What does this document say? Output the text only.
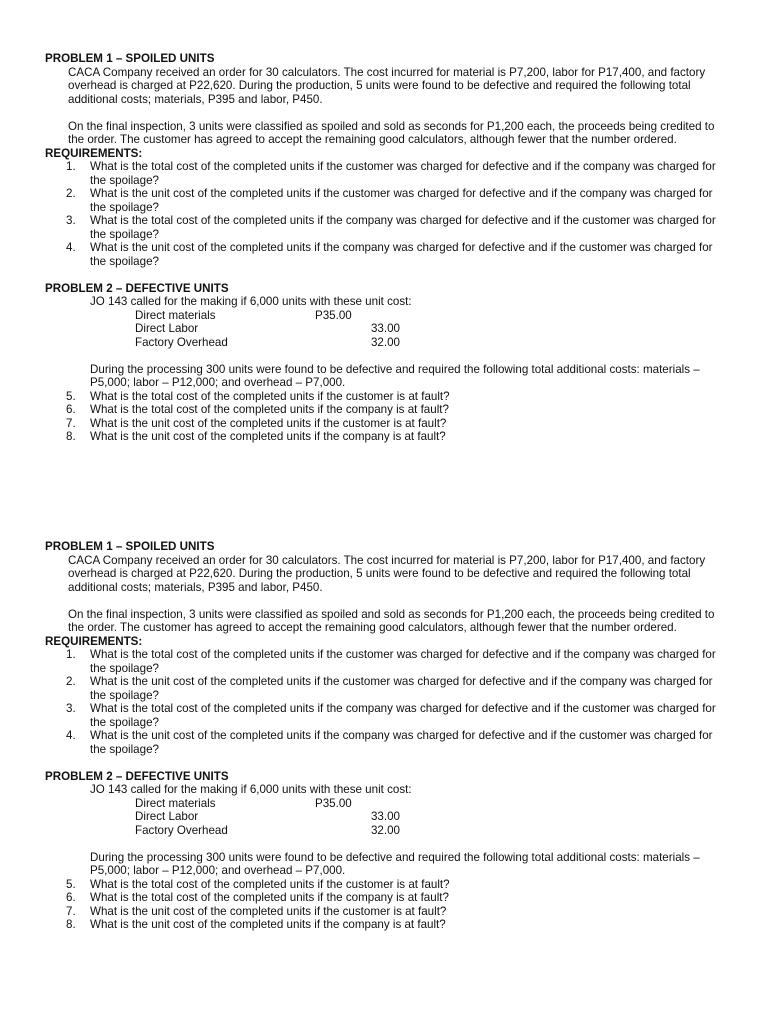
PROBLEM 1 – SPOILED UNITS
CACA Company received an order for 30 calculators. The cost incurred for material is P7,200, labor for P17,400, and factory overhead is charged at P22,620. During the production, 5 units were found to be defective and required the following total additional costs; materials, P395 and labor, P450.
On the final inspection, 3 units were classified as spoiled and sold as seconds for P1,200 each, the proceeds being credited to the order. The customer has agreed to accept the remaining good calculators, although fewer that the number ordered.
REQUIREMENTS:
1. What is the total cost of the completed units if the customer was charged for defective and if the company was charged for the spoilage?
2. What is the unit cost of the completed units if the customer was charged for defective and if the company was charged for the spoilage?
3. What is the total cost of the completed units if the company was charged for defective and if the customer was charged for the spoilage?
4. What is the unit cost of the completed units if the company was charged for defective and if the customer was charged for the spoilage?
PROBLEM 2 – DEFECTIVE UNITS
JO 143 called for the making if 6,000 units with these unit cost:
Direct materials	P35.00
Direct Labor	33.00
Factory Overhead	32.00
During the processing 300 units were found to be defective and required the following total additional costs: materials – P5,000; labor – P12,000; and overhead – P7,000.
5. What is the total cost of the completed units if the customer is at fault?
6. What is the total cost of the completed units if the company is at fault?
7. What is the unit cost of the completed units if the customer is at fault?
8. What is the unit cost of the completed units if the company is at fault?
PROBLEM 1 – SPOILED UNITS
CACA Company received an order for 30 calculators. The cost incurred for material is P7,200, labor for P17,400, and factory overhead is charged at P22,620. During the production, 5 units were found to be defective and required the following total additional costs; materials, P395 and labor, P450.
On the final inspection, 3 units were classified as spoiled and sold as seconds for P1,200 each, the proceeds being credited to the order. The customer has agreed to accept the remaining good calculators, although fewer that the number ordered.
REQUIREMENTS:
1. What is the total cost of the completed units if the customer was charged for defective and if the company was charged for the spoilage?
2. What is the unit cost of the completed units if the customer was charged for defective and if the company was charged for the spoilage?
3. What is the total cost of the completed units if the company was charged for defective and if the customer was charged for the spoilage?
4. What is the unit cost of the completed units if the company was charged for defective and if the customer was charged for the spoilage?
PROBLEM 2 – DEFECTIVE UNITS
JO 143 called for the making if 6,000 units with these unit cost:
Direct materials	P35.00
Direct Labor	33.00
Factory Overhead	32.00
During the processing 300 units were found to be defective and required the following total additional costs: materials – P5,000; labor – P12,000; and overhead – P7,000.
5. What is the total cost of the completed units if the customer is at fault?
6. What is the total cost of the completed units if the company is at fault?
7. What is the unit cost of the completed units if the customer is at fault?
8. What is the unit cost of the completed units if the company is at fault?
